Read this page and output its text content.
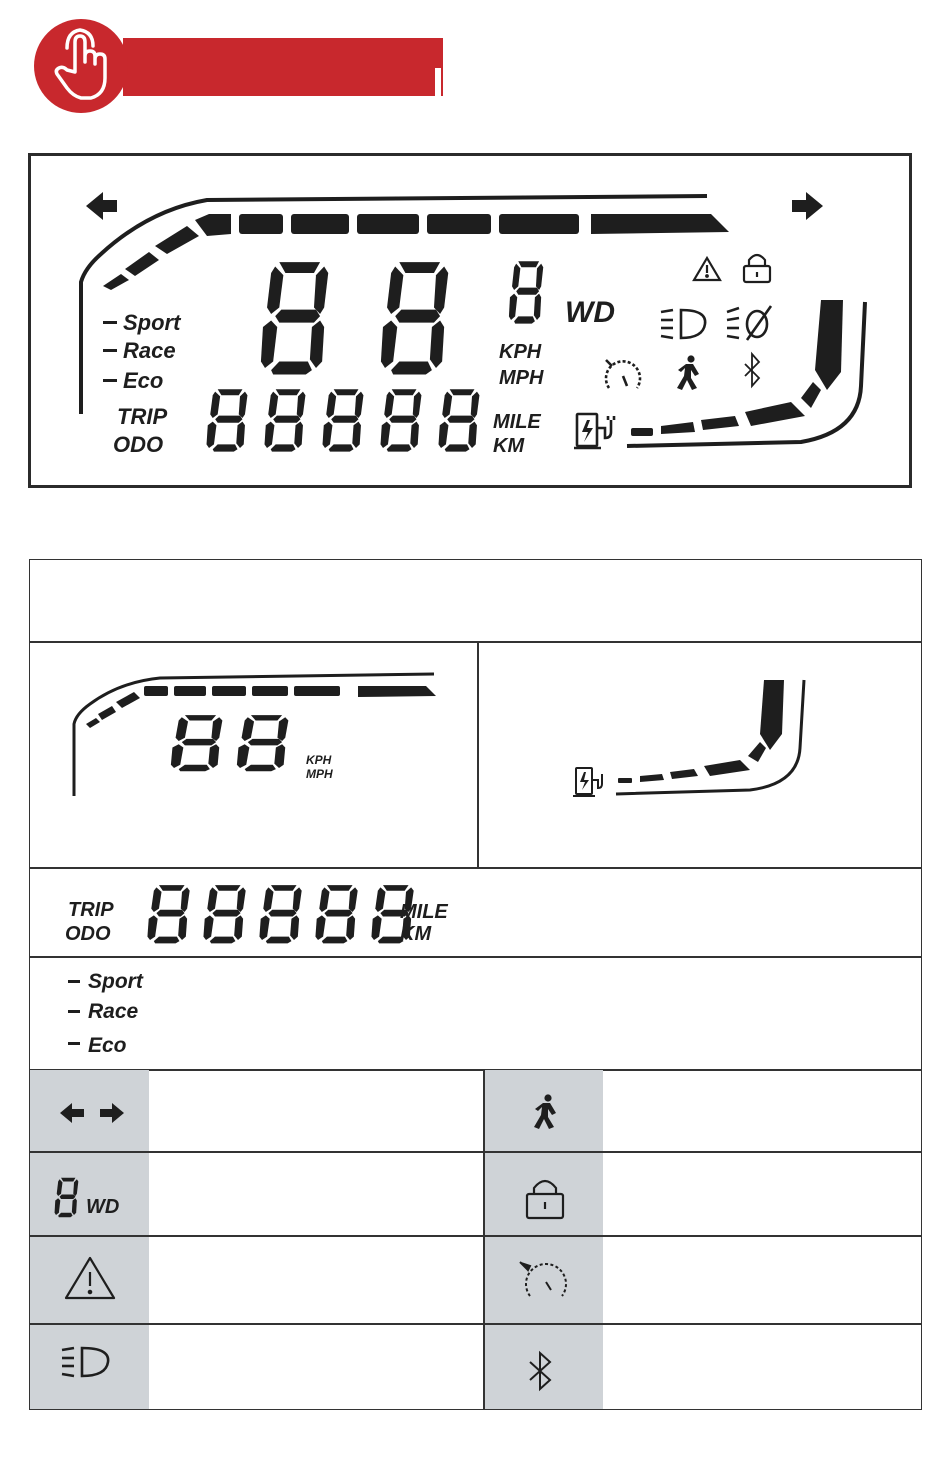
Sport
Race
Eco
TRIP
ODO
KPH
MPH
MILE
KM
WD
KPH
MPH
TRIP
ODO
MILE
KM
Sport
Race
Eco
WD
